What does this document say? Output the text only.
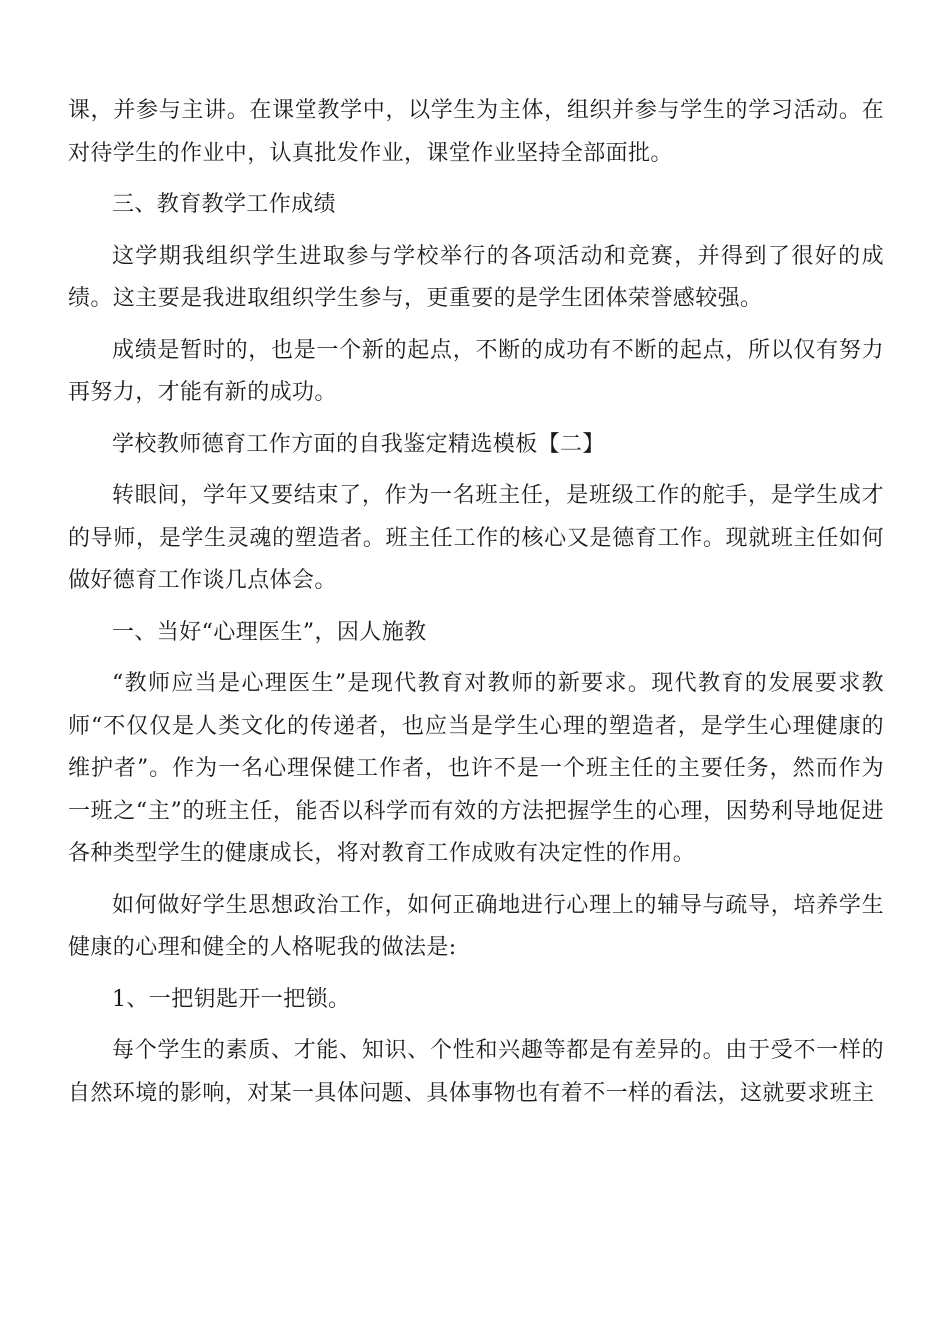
课，并参与主讲。在课堂教学中，以学生为主体，组织并参与学生的学习活动。在对待学生的作业中，认真批发作业，课堂作业坚持全部面批。

三、教育教学工作成绩

这学期我组织学生进取参与学校举行的各项活动和竞赛，并得到了很好的成绩。这主要是我进取组织学生参与，更重要的是学生团体荣誉感较强。

成绩是暂时的，也是一个新的起点，不断的成功有不断的起点，所以仅有努力再努力，才能有新的成功。

学校教师德育工作方面的自我鉴定精选模板【二】

转眼间，学年又要结束了，作为一名班主任，是班级工作的舵手，是学生成才的导师，是学生灵魂的塑造者。班主任工作的核心又是德育工作。现就班主任如何做好德育工作谈几点体会。

一、当好“心理医生”，因人施教

“教师应当是心理医生”是现代教育对教师的新要求。现代教育的发展要求教师“不仅仅是人类文化的传递者，也应当是学生心理的塑造者，是学生心理健康的维护者”。作为一名心理保健工作者，也许不是一个班主任的主要任务，然而作为一班之“主”的班主任，能否以科学而有效的方法把握学生的心理，因势利导地促进各种类型学生的健康成长，将对教育工作成败有决定性的作用。

如何做好学生思想政治工作，如何正确地进行心理上的辅导与疏导，培养学生健康的心理和健全的人格呢我的做法是:

1、一把钥匙开一把锁。

每个学生的素质、才能、知识、个性和兴趣等都是有差异的。由于受不一样的自然环境的影响，对某一具体问题、具体事物也有着不一样的看法，这就要求班主
